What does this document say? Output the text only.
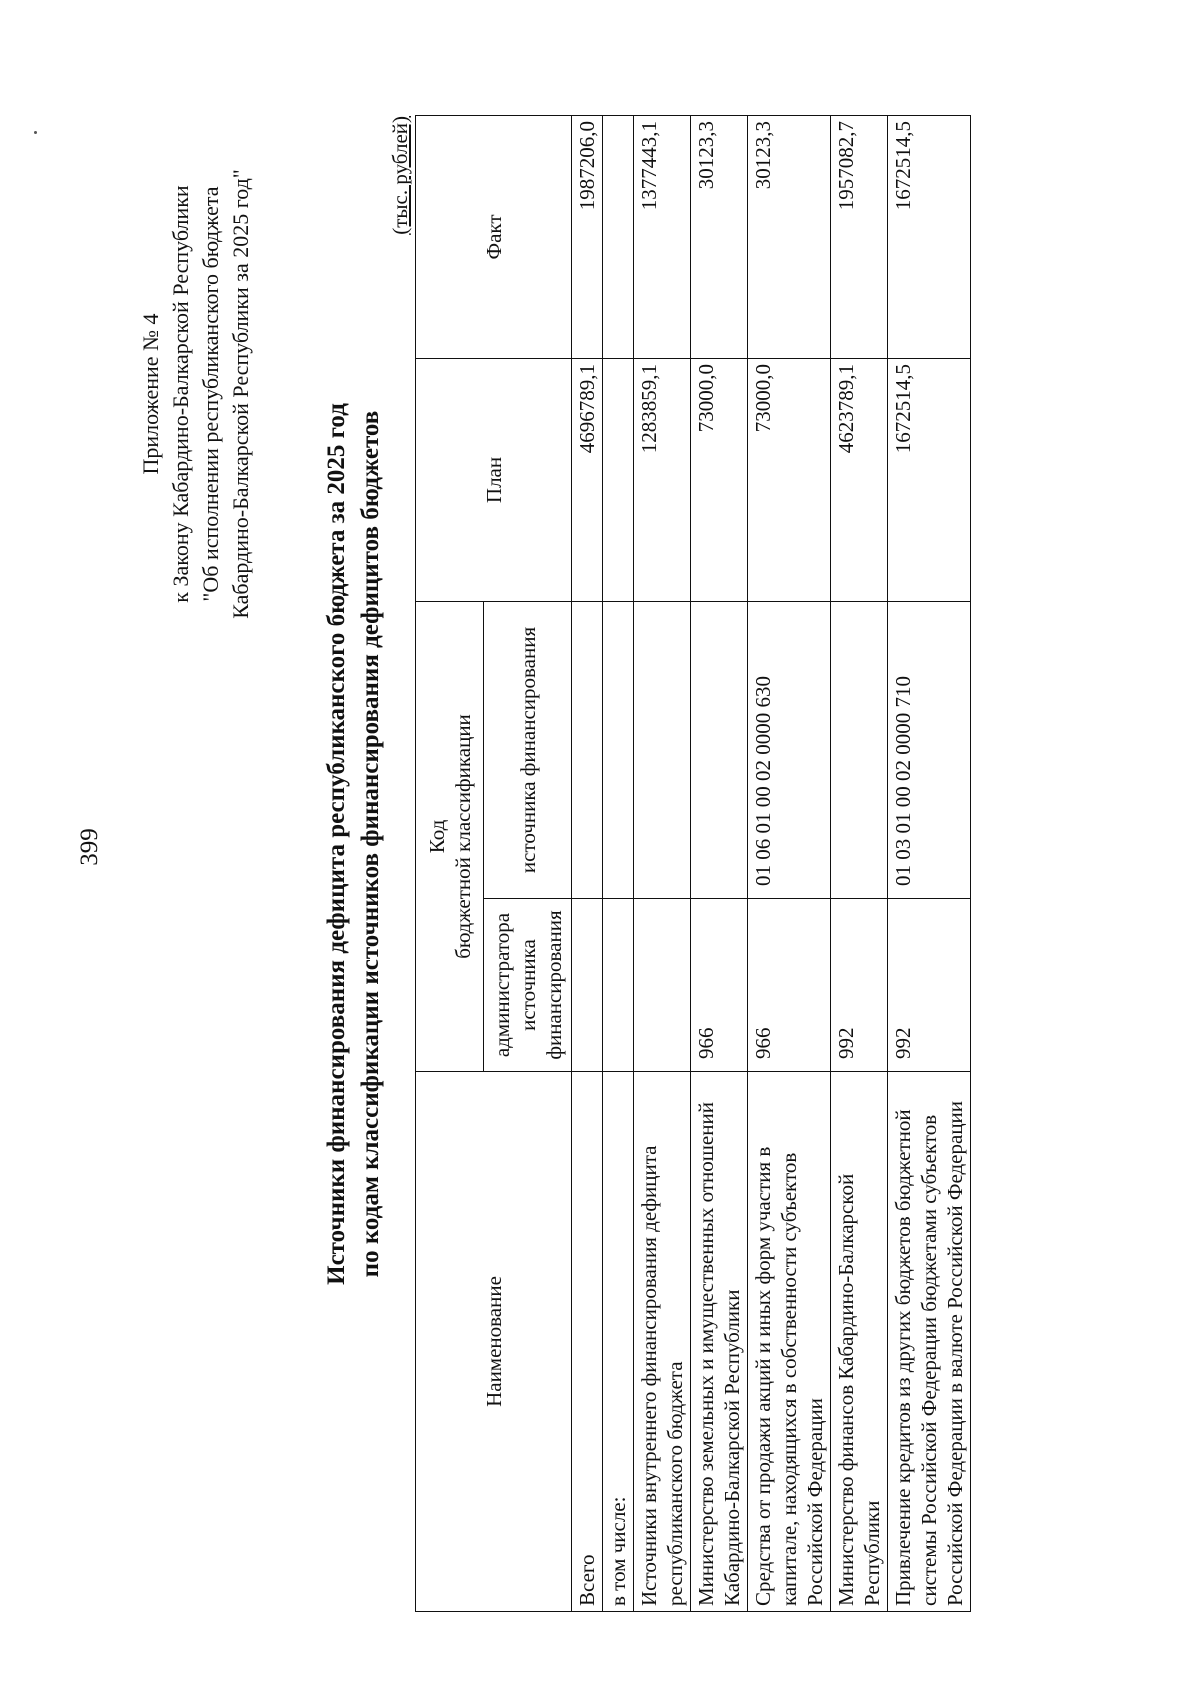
399
Приложение № 4 к Закону Кабардино-Балкарской Республики "Об исполнении республиканского бюджета Кабардино-Балкарской Республики за 2025 год"
Источники финансирования дефицита республиканского бюджета за 2025 год по кодам классификации источников финансирования дефицитов бюджетов
(тыс. рублей)
Наименование	Код бюджетной классификации		План	Факт
	администратора источника финансирования	источника финансирования		
Всего			4696789,1	1987206,0
в том числе:				
Источники внутреннего финансирования дефицита республиканского бюджета			1283859,1	1377443,1
Министерство земельных и имущественных отношений Кабардино-Балкарской Республики	966		73000,0	30123,3
Средства от продажи акций и иных форм участия в капитале, находящихся в собственности субъектов Российской Федерации	966	01 06 01 00 02 0000 630	73000,0	30123,3
Министерство финансов Кабардино-Балкарской Республики	992		4623789,1	1957082,7
Привлечение кредитов из других бюджетов бюджетной системы Российской Федерации бюджетами субъектов Российской Федерации в валюте Российской Федерации	992	01 03 01 00 02 0000 710	1672514,5	1672514,5
